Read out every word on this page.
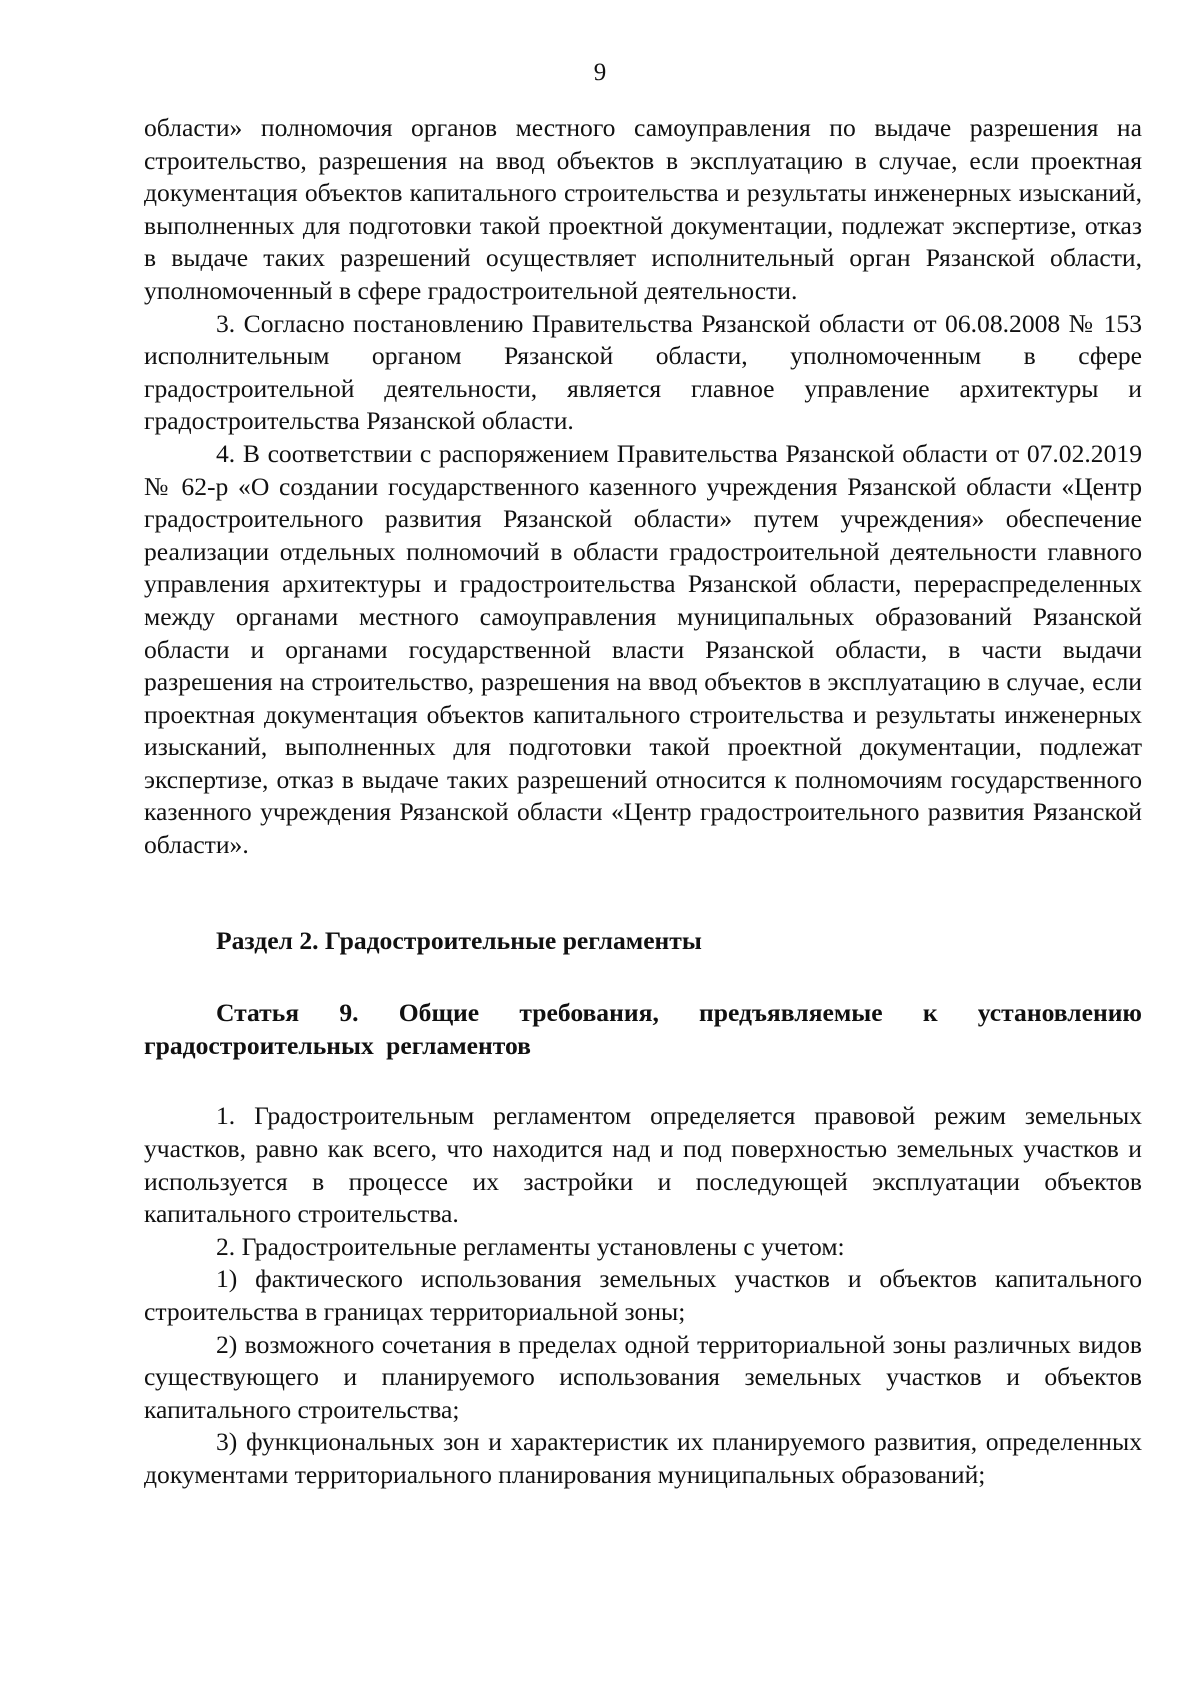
9

области» полномочия органов местного самоуправления по выдаче разрешения на строительство, разрешения на ввод объектов в эксплуатацию в случае, если проектная документация объектов капитального строительства и результаты инженерных изысканий, выполненных для подготовки такой проектной документации, подлежат экспертизе, отказ в выдаче таких разрешений осуществляет исполнительный орган Рязанской области, уполномоченный в сфере градостроительной деятельности.

3. Согласно постановлению Правительства Рязанской области от 06.08.2008 № 153 исполнительным органом Рязанской области, уполномоченным в сфере градостроительной деятельности, является главное управление архитектуры и градостроительства Рязанской области.

4. В соответствии с распоряжением Правительства Рязанской области от 07.02.2019 № 62-р «О создании государственного казенного учреждения Рязанской области «Центр градостроительного развития Рязанской области» путем учреждения» обеспечение реализации отдельных полномочий в области градостроительной деятельности главного управления архитектуры и градостроительства Рязанской области, перераспределенных между органами местного самоуправления муниципальных образований Рязанской области и органами государственной власти Рязанской области, в части выдачи разрешения на строительство, разрешения на ввод объектов в эксплуатацию в случае, если проектная документация объектов капитального строительства и результаты инженерных изысканий, выполненных для подготовки такой проектной документации, подлежат экспертизе, отказ в выдаче таких разрешений относится к полномочиям государственного казенного учреждения Рязанской области «Центр градостроительного развития Рязанской области».

Раздел 2. Градостроительные регламенты
Статья 9. Общие требования, предъявляемые к установлению градостроительных регламентов

1. Градостроительным регламентом определяется правовой режим земельных участков, равно как всего, что находится над и под поверхностью земельных участков и используется в процессе их застройки и последующей эксплуатации объектов капитального строительства.

2. Градостроительные регламенты установлены с учетом:

1) фактического использования земельных участков и объектов капитального строительства в границах территориальной зоны;

2) возможного сочетания в пределах одной территориальной зоны различных видов существующего и планируемого использования земельных участков и объектов капитального строительства;

3) функциональных зон и характеристик их планируемого развития, определенных документами территориального планирования муниципальных образований;
